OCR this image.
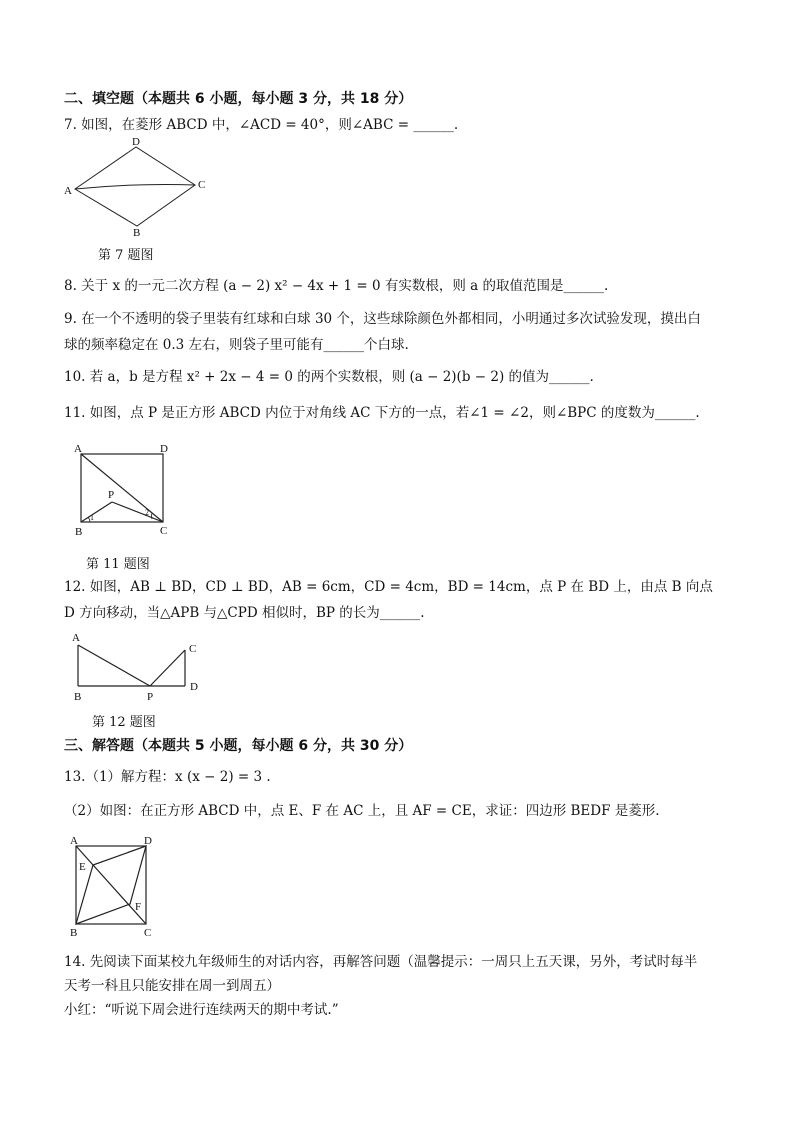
二、填空题（本题共 6 小题，每小题 3 分，共 18 分）
7. 如图，在菱形 ABCD 中，∠ACD = 40°，则∠ABC = ______.
A
D
C
B
第 7 题图
8. 关于 x 的一元二次方程 (a − 2) x² − 4x + 1 = 0 有实数根，则 a 的取值范围是______.
9. 在一个不透明的袋子里装有红球和白球 30 个，这些球除颜色外都相同，小明通过多次试验发现，摸出白
球的频率稳定在 0.3 左右，则袋子里可能有______个白球.
10. 若 a，b 是方程 x² + 2x − 4 = 0 的两个实数根，则 (a − 2)(b − 2) 的值为______.
11. 如图，点 P 是正方形 ABCD 内位于对角线 AC 下方的一点，若∠1 = ∠2，则∠BPC 的度数为______.
A	D
B	C
P
1
2
第 11 题图
12. 如图，AB ⊥ BD，CD ⊥ BD，AB = 6cm，CD = 4cm，BD = 14cm，点 P 在 BD 上，由点 B 向点
D 方向移动，当△APB 与△CPD 相似时，BP 的长为______.
A
B	P
C
D
第 12 题图
三、解答题（本题共 5 小题，每小题 6 分，共 30 分）
13.（1）解方程：x (x − 2) = 3 .
（2）如图：在正方形 ABCD 中，点 E、F 在 AC 上，且 AF = CE，求证：四边形 BEDF 是菱形.
A	D
B	C
E
F
14. 先阅读下面某校九年级师生的对话内容，再解答问题（温馨提示：一周只上五天课，另外，考试时每半
天考一科且只能安排在周一到周五）
小红：“听说下周会进行连续两天的期中考试.”
